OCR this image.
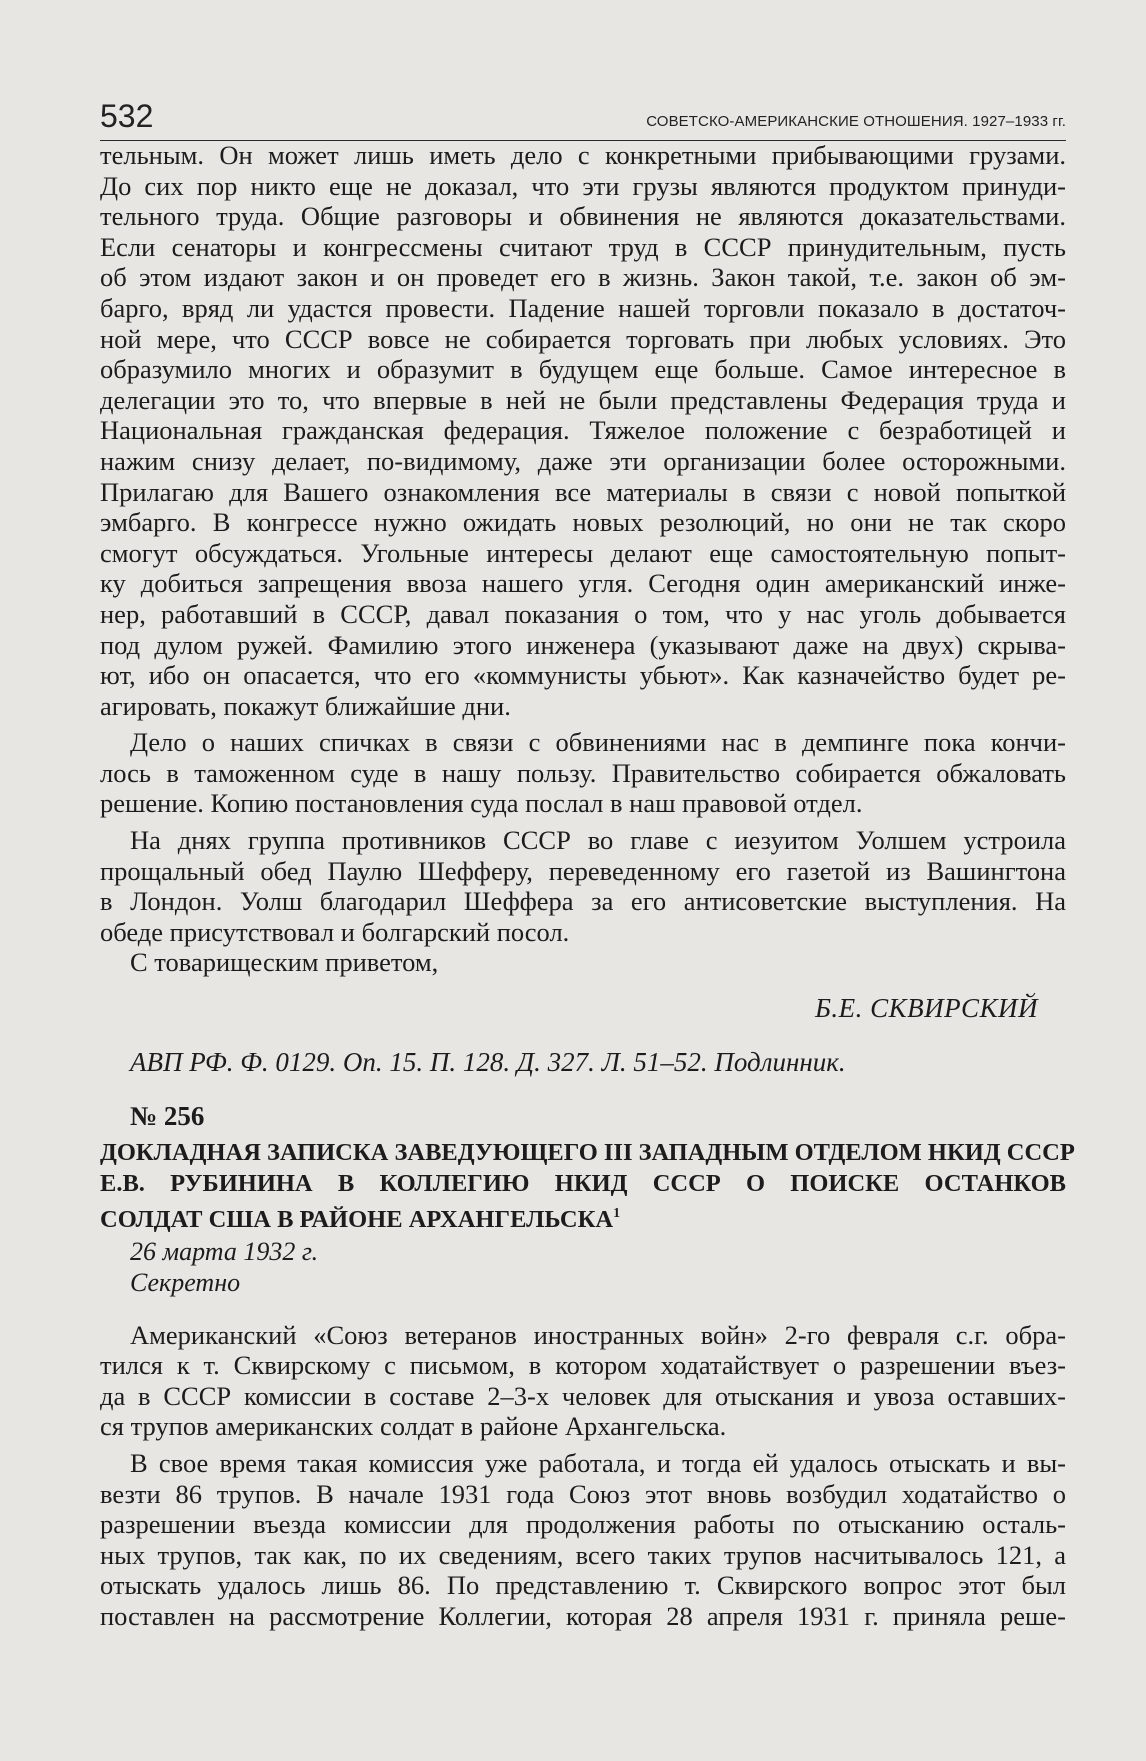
532	СОВЕТСКО-АМЕРИКАНСКИЕ ОТНОШЕНИЯ. 1927–1933 гг.
тельным. Он может лишь иметь дело с конкретными прибывающими грузами.
До сих пор никто еще не доказал, что эти грузы являются продуктом принуди-
тельного труда. Общие разговоры и обвинения не являются доказательствами.
Если сенаторы и конгрессмены считают труд в СССР принудительным, пусть
об этом издают закон и он проведет его в жизнь. Закон такой, т.е. закон об эм-
барго, вряд ли удастся провести. Падение нашей торговли показало в достаточ-
ной мере, что СССР вовсе не собирается торговать при любых условиях. Это
образумило многих и образумит в будущем еще больше. Самое интересное в
делегации это то, что впервые в ней не были представлены Федерация труда и
Национальная гражданская федерация. Тяжелое положение с безработицей и
нажим снизу делает, по-видимому, даже эти организации более осторожными.
Прилагаю для Вашего ознакомления все материалы в связи с новой попыткой
эмбарго. В конгрессе нужно ожидать новых резолюций, но они не так скоро
смогут обсуждаться. Угольные интересы делают еще самостоятельную попыт-
ку добиться запрещения ввоза нашего угля. Сегодня один американский инже-
нер, работавший в СССР, давал показания о том, что у нас уголь добывается
под дулом ружей. Фамилию этого инженера (указывают даже на двух) скрыва-
ют, ибо он опасается, что его «коммунисты убьют». Как казначейство будет ре-
агировать, покажут ближайшие дни.
Дело о наших спичках в связи с обвинениями нас в демпинге пока кончи-
лось в таможенном суде в нашу пользу. Правительство собирается обжаловать
решение. Копию постановления суда послал в наш правовой отдел.
На днях группа противников СССР во главе с иезуитом Уолшем устроила
прощальный обед Паулю Шефферу, переведенному его газетой из Вашингтона
в Лондон. Уолш благодарил Шеффера за его антисоветские выступления. На
обеде присутствовал и болгарский посол.
С товарищеским приветом,
Б.Е. СКВИРСКИЙ
АВП РФ. Ф. 0129. Оп. 15. П. 128. Д. 327. Л. 51–52. Подлинник.
№ 256
ДОКЛАДНАЯ ЗАПИСКА ЗАВЕДУЮЩЕГО III ЗАПАДНЫМ ОТДЕЛОМ НКИД СССР
Е.В. РУБИНИНА В КОЛЛЕГИЮ НКИД СССР О ПОИСКЕ ОСТАНКОВ
СОЛДАТ США В РАЙОНЕ АРХАНГЕЛЬСКА$^1$
26 марта 1932 г.
Секретно
Американский «Союз ветеранов иностранных войн» 2-го февраля с.г. обра-
тился к т. Сквирскому с письмом, в котором ходатайствует о разрешении въез-
да в СССР комиссии в составе 2–3-х человек для отыскания и увоза оставших-
ся трупов американских солдат в районе Архангельска.
В свое время такая комиссия уже работала, и тогда ей удалось отыскать и вы-
везти 86 трупов. В начале 1931 года Союз этот вновь возбудил ходатайство о
разрешении въезда комиссии для продолжения работы по отысканию осталь-
ных трупов, так как, по их сведениям, всего таких трупов насчитывалось 121, а
отыскать удалось лишь 86. По представлению т. Сквирского вопрос этот был
поставлен на рассмотрение Коллегии, которая 28 апреля 1931 г. приняла реше-
